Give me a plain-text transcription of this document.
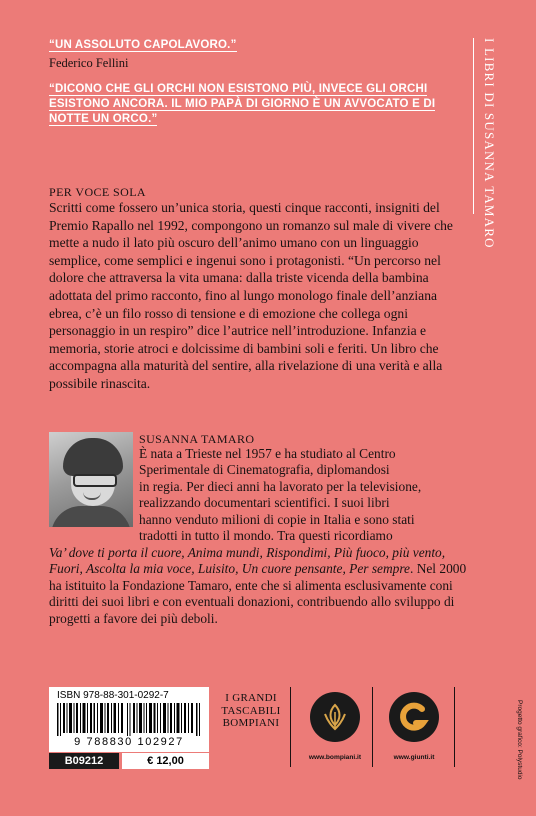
“UN ASSOLUTO CAPOLAVORO.”
Federico Fellini
“DICONO CHE GLI ORCHI NON ESISTONO PIÙ, INVECE GLI ORCHI ESISTONO ANCORA. IL MIO PAPÀ DI GIORNO È UN AVVOCATO E DI NOTTE UN ORCO.”	I LIBRI DI SUSANNA TAMARO
PER VOCE SOLA
Scritti come fossero un’unica storia, questi cinque racconti, insigniti del Premio Rapallo nel 1992, compongono un romanzo sul male di vivere che mette a nudo il lato più oscuro dell’animo umano con un linguaggio semplice, come semplici e ingenui sono i protagonisti. “Un percorso nel dolore che attraversa la vita umana: dalla triste vicenda della bambina adottata del primo racconto, fino al lungo monologo finale dell’anziana ebrea, c’è un filo rosso di tensione e di emozione che collega ogni personaggio in un respiro” dice l’autrice nell’introduzione. Infanzia e memoria, storie atroci e dolcissime di bambini soli e feriti. Un libro che accompagna alla maturità del sentire, alla rivelazione di una verità e alla possibile rinascita.
SUSANNA TAMARO
È nata a Trieste nel 1957 e ha studiato al Centro
Sperimentale di Cinematografia, diplomandosi
in regia. Per dieci anni ha lavorato per la televisione,
realizzando documentari scientifici. I suoi libri
hanno venduto milioni di copie in Italia e sono stati
tradotti in tutto il mondo. Tra questi ricordiamo
Va’ dove ti porta il cuore, Anima mundi, Rispondimi, Più fuoco, più vento, Fuori, Ascolta la mia voce, Luisito, Un cuore pensante, Per sempre. Nel 2000 ha istituito la Fondazione Tamaro, ente che si alimenta esclusivamente coni diritti dei suoi libri e con eventuali donazioni, contribuendo allo sviluppo di progetti a favore dei più deboli.
ISBN 978-88-301-0292-7
9 788830 102927
B09212	€ 12,00
I GRANDI
TASCABILI
BOMPIANI
www.bompiani.it	www.giunti.it	Progetto grafico: Polystudio
